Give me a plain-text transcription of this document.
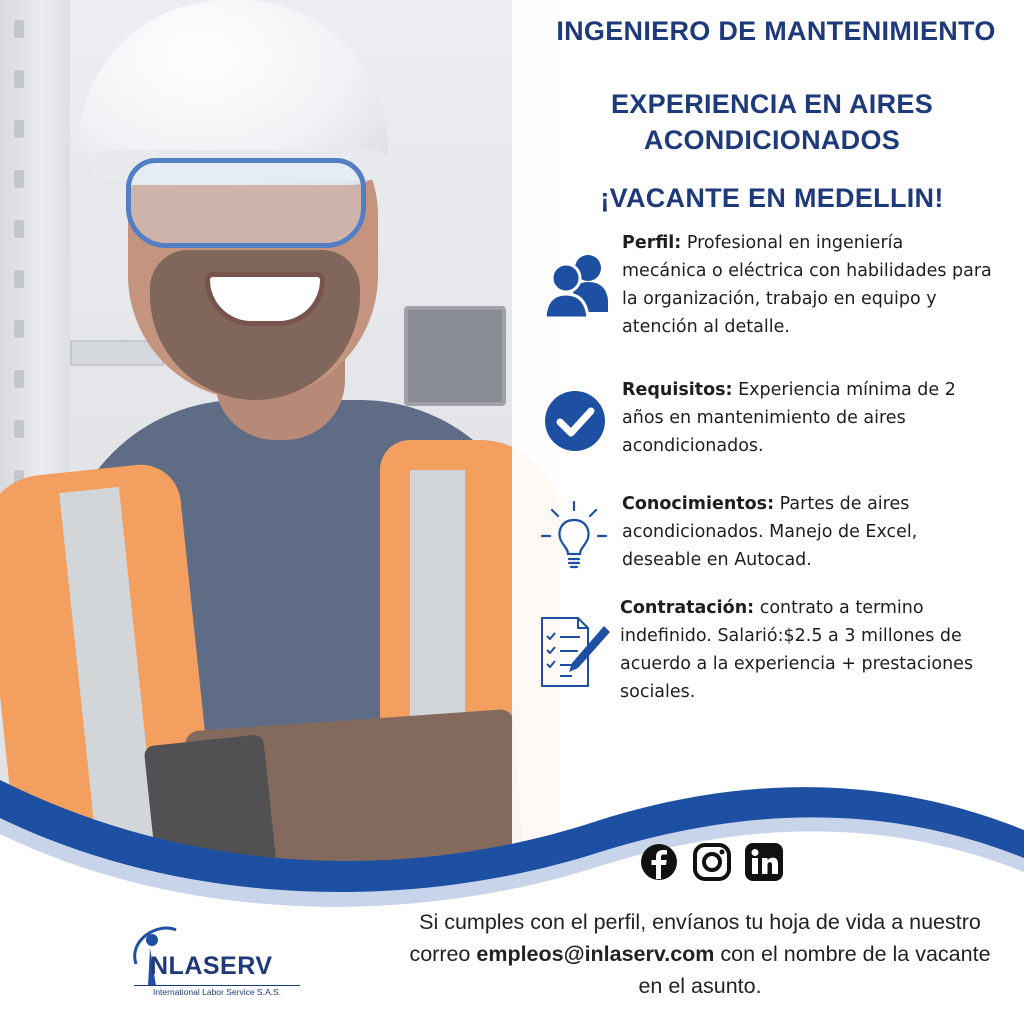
INGENIERO DE MANTENIMIENTO
EXPERIENCIA EN AIRES
ACONDICIONADOS
¡VACANTE EN MEDELLIN!
Perfil: Profesional en ingeniería mecánica o eléctrica con habilidades para la organización, trabajo en equipo y atención al detalle.
Requisitos: Experiencia mínima de 2 años en mantenimiento de aires acondicionados.
Conocimientos: Partes de aires acondicionados. Manejo de Excel, deseable en Autocad.
Contratación: contrato a termino indefinido. Salarió:$2.5 a 3 millones de acuerdo a la experiencia + prestaciones sociales.
Si cumples con el perfil, envíanos tu hoja de vida a nuestro correo empleos@inlaserv.com con el nombre de la vacante en el asunto.
NLASERV
International Labor Service S.A.S.
